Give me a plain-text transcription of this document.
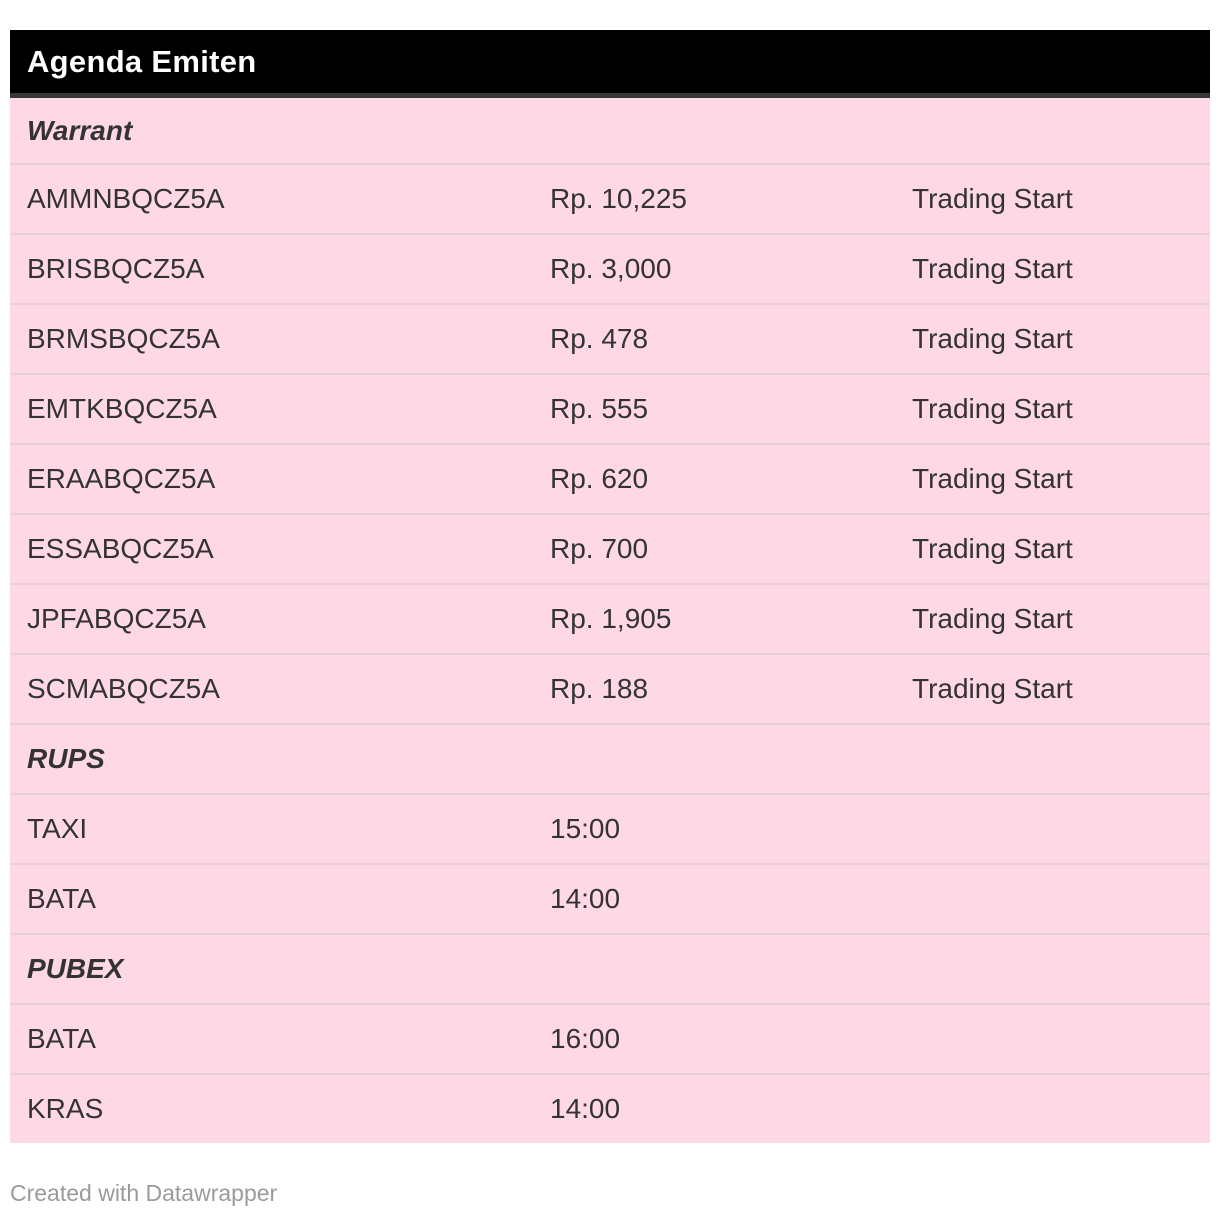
Agenda Emiten
Warrant
AMMNBQCZ5A	Rp. 10,225	Trading Start
BRISBQCZ5A	Rp. 3,000	Trading Start
BRMSBQCZ5A	Rp. 478	Trading Start
EMTKBQCZ5A	Rp. 555	Trading Start
ERAABQCZ5A	Rp. 620	Trading Start
ESSABQCZ5A	Rp. 700	Trading Start
JPFABQCZ5A	Rp. 1,905	Trading Start
SCMABQCZ5A	Rp. 188	Trading Start
RUPS
TAXI	15:00
BATA	14:00
PUBEX
BATA	16:00
KRAS	14:00
Created with Datawrapper
